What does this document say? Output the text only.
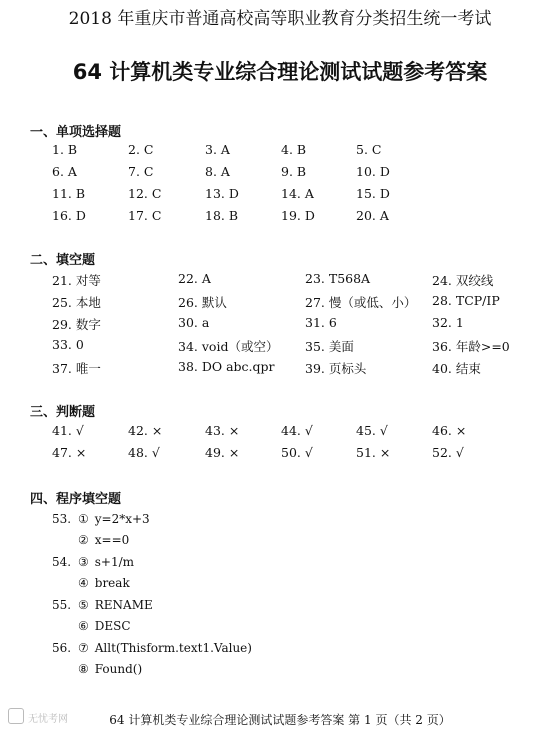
2018 年重庆市普通高校高等职业教育分类招生统一考试
64 计算机类专业综合理论测试试题参考答案
一、单项选择题
1. B	2. C	3. A	4. B	5. C
6. A	7. C	8. A	9. B	10. D
11. B	12. C	13. D	14. A	15. D
16. D	17. C	18. B	19. D	20. A
二、填空题
21. 对等	22. A	23. T568A	24. 双绞线
25. 本地	26. 默认	27. 慢（或低、小） 28. TCP/IP
29. 数字	30. a	31. 6	32. 1
33. 0	34. void（或空） 35. 美面	36. 年龄>=0
37. 唯一	38. DO abc.qpr 39. 页标头	40. 结束
三、判断题
41. √	42. ×	43. ×	44. √	45. √	46. ×
47. ×	48. √	49. ×	50. √	51. ×	52. √
四、程序填空题
53. ① y=2*x+3
② x==0
54. ③ s+1/m
④ break
55. ⑤ RENAME
⑥ DESC
56. ⑦ Allt(Thisform.text1.Value)
⑧ Found()
无忧考网	64 计算机类专业综合理论测试试题参考答案 第 1 页（共 2 页）
